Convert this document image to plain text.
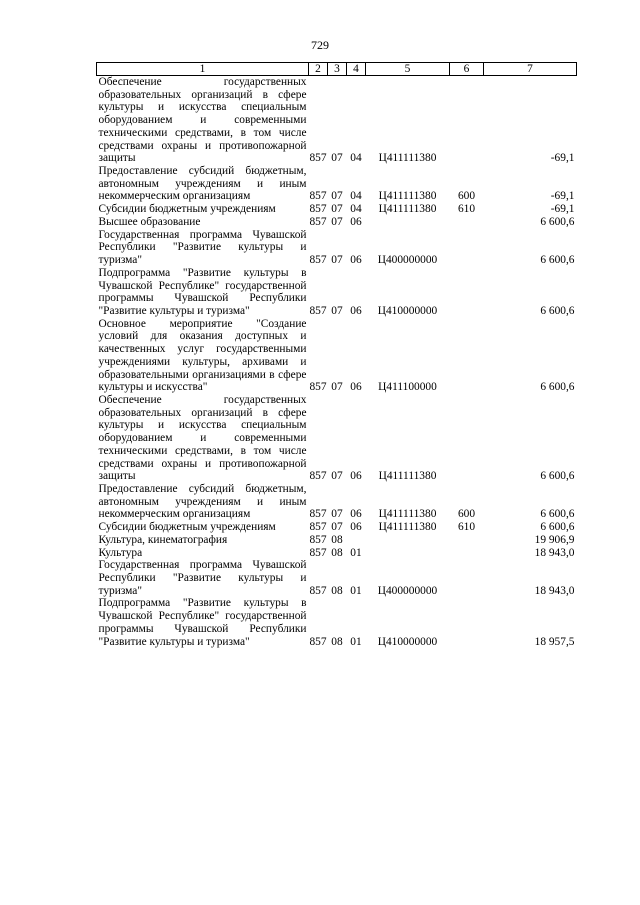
729
1	2	3	4	5	6	7
Обеспечение государственных образовательных организаций в сфере культуры и искусства специальным оборудованием и современными техническими средствами, в том числе средствами охраны и противопожарной защиты	857	07	04	Ц411111380		-69,1
Предоставление субсидий бюджетным, автономным учреждениям и иным некоммерческим организациям	857	07	04	Ц411111380	600	-69,1
Субсидии бюджетным учреждениям	857	07	04	Ц411111380	610	-69,1
Высшее образование	857	07	06			6 600,6
Государственная программа Чувашской Республики "Развитие культуры и туризма"	857	07	06	Ц400000000		6 600,6
Подпрограмма "Развитие культуры в Чувашской Республике" государственной программы Чувашской Республики "Развитие культуры и туризма"	857	07	06	Ц410000000		6 600,6
Основное мероприятие "Создание условий для оказания доступных и качественных услуг государственными учреждениями культуры, архивами и образовательными организациями в сфере культуры и искусства"	857	07	06	Ц411100000		6 600,6
Обеспечение государственных образовательных организаций в сфере культуры и искусства специальным оборудованием и современными техническими средствами, в том числе средствами охраны и противопожарной защиты	857	07	06	Ц411111380		6 600,6
Предоставление субсидий бюджетным, автономным учреждениям и иным некоммерческим организациям	857	07	06	Ц411111380	600	6 600,6
Субсидии бюджетным учреждениям	857	07	06	Ц411111380	610	6 600,6
Культура, кинематография	857	08				19 906,9
Культура	857	08	01			18 943,0
Государственная программа Чувашской Республики "Развитие культуры и туризма"	857	08	01	Ц400000000		18 943,0
Подпрограмма "Развитие культуры в Чувашской Республике" государственной программы Чувашской Республики "Развитие культуры и туризма"	857	08	01	Ц410000000		18 957,5
